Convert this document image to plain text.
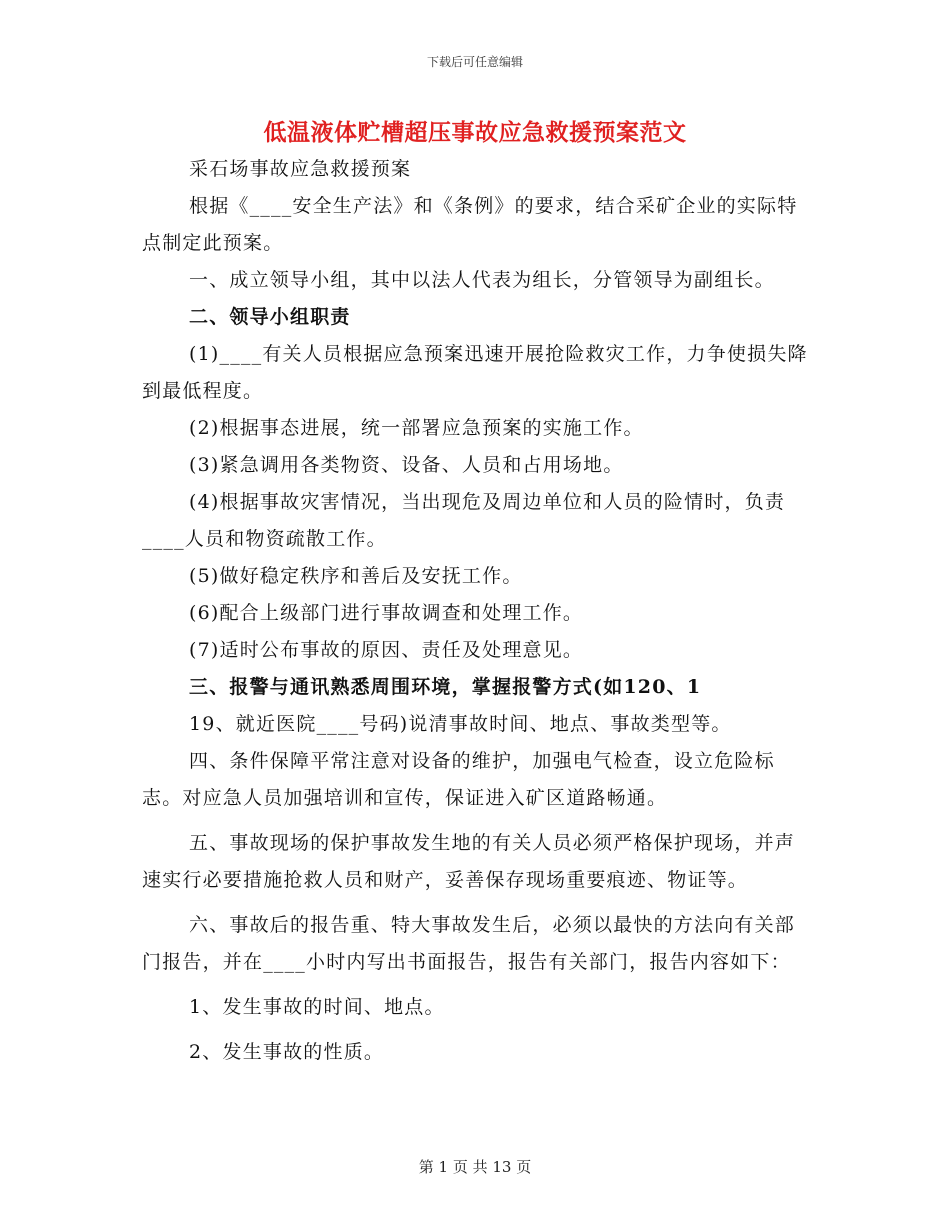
下载后可任意编辑
低温液体贮槽超压事故应急救援预案范文

采石场事故应急救援预案

根据《____安全生产法》和《条例》的要求，结合采矿企业的实际特点制定此预案。

一、成立领导小组，其中以法人代表为组长，分管领导为副组长。

二、领导小组职责

(1)____有关人员根据应急预案迅速开展抢险救灾工作，力争使损失降到最低程度。

(2)根据事态进展，统一部署应急预案的实施工作。

(3)紧急调用各类物资、设备、人员和占用场地。

(4)根据事故灾害情况，当出现危及周边单位和人员的险情时，负责____人员和物资疏散工作。

(5)做好稳定秩序和善后及安抚工作。

(6)配合上级部门进行事故调查和处理工作。

(7)适时公布事故的原因、责任及处理意见。

三、报警与通讯熟悉周围环境，掌握报警方式(如120、1

19、就近医院____号码)说清事故时间、地点、事故类型等。

四、条件保障平常注意对设备的维护，加强电气检查，设立危险标志。对应急人员加强培训和宣传，保证进入矿区道路畅通。

五、事故现场的保护事故发生地的有关人员必须严格保护现场，并声速实行必要措施抢救人员和财产，妥善保存现场重要痕迹、物证等。

六、事故后的报告重、特大事故发生后，必须以最快的方法向有关部门报告，并在____小时内写出书面报告，报告有关部门，报告内容如下：

1、发生事故的时间、地点。

2、发生事故的性质。

第 1 页 共 13 页
